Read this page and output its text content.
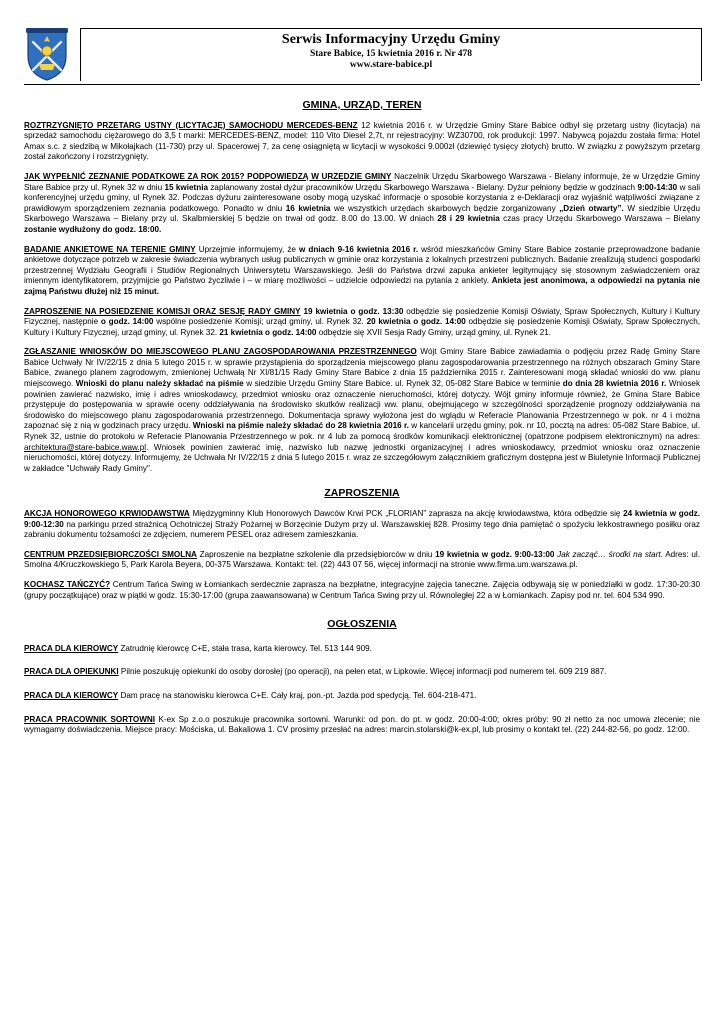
Serwis Informacyjny Urzędu Gminy
Stare Babice, 15 kwietnia 2016 r. Nr 478
www.stare-babice.pl
GMINA, URZĄD, TEREN
ROZTRZYGNIĘTO PRZETARG USTNY (LICYTACJĘ) SAMOCHODU MERCEDES-BENZ 12 kwietnia 2016 r. w Urzędzie Gminy Stare Babice odbył się przetarg ustny (licytacja) na sprzedaż samochodu ciężarowego do 3,5 t marki: MERCEDES-BENZ, model: 110 Vito Diesel 2,7t, nr rejestracyjny: WZ30700, rok produkcji: 1997. Nabywcą pojazdu została firma: Hotel Amax s.c. z siedzibą w Mikołajkach (11-730) przy ul. Spacerowej 7, za cenę osiągniętą w licytacji w wysokości 9.000zł (dziewięć tysięcy złotych) brutto. W związku z powyższym przetarg został zakończony i rozstrzygnięty.
JAK WYPEŁNIĆ ZEZNANIE PODATKOWE ZA ROK 2015? PODPOWIEDZĄ W URZĘDZIE GMINY Naczelnik Urzędu Skarbowego Warszawa - Bielany informuje, że w Urzędzie Gminy Stare Babice przy ul. Rynek 32 w dniu 15 kwietnia zaplanowany został dyżur pracowników Urzędu Skarbowego Warszawa - Bielany. Dyżur pełniony będzie w godzinach 9:00-14:30 w sali konferencyjnej urzędu gminy, ul Rynek 32. Podczas dyżuru zainteresowane osoby mogą uzyskać informacje o sposobie korzystania z e-Deklaracji oraz wyjaśnić wątpliwości związane z prawidłowym sporządzeniem zeznania podatkowego. Ponadto w dniu 16 kwietnia we wszystkich urzędach skarbowych będzie zorganizowany „Dzień otwarty”. W siedzibie Urzędu Skarbowego Warszawa – Bielany przy ul. Skalbmierskiej 5 będzie on trwał od godz. 8.00 do 13.00. W dniach 28 i 29 kwietnia czas pracy Urzędu Skarbowego Warszawa – Bielany zostanie wydłużony do godz. 18:00.
BADANIE ANKIETOWE NA TERENIE GMINY Uprzejmie informujemy, że w dniach 9-16 kwietnia 2016 r. wśród mieszkańców Gminy Stare Babice zostanie przeprowadzone badanie ankietowe dotyczące potrzeb w zakresie świadczenia wybranych usług publicznych w gminie oraz korzystania z lokalnych przestrzeni publicznych. Badanie zrealizują studenci gospodarki przestrzennej Wydziału Geografii i Studiów Regionalnych Uniwersytetu Warszawskiego. Jeśli do Państwa drzwi zapuka ankieter legitymujący się stosownym zaświadczeniem oraz imiennym identyfikatorem, przyjmijcie go Państwo życzliwie i – w miarę możliwości – udzielcie odpowiedzi na pytania z ankiety. Ankieta jest anonimowa, a odpowiedzi na pytania nie zajmą Państwu dłużej niż 15 minut.
ZAPROSZENIE NA POSIEDZENIE KOMISJI ORAZ SESJĘ RADY GMINY 19 kwietnia o godz. 13:30 odbędzie się posiedzenie Komisji Oświaty, Spraw Społecznych, Kultury i Kultury Fizycznej, następnie o godz. 14:00 wspólne posiedzenie Komisji; urząd gminy, ul. Rynek 32. 20 kwietnia o godz. 14:00 odbędzie się posiedzenie Komisji Oświaty, Spraw Społecznych, Kultury i Kultury Fizycznej, urząd gminy, ul. Rynek 32. 21 kwietnia o godz. 14:00 odbędzie się XVII Sesja Rady Gminy, urząd gminy, ul. Rynek 21.
ZGŁASZANIE WNIOSKÓW DO MIEJSCOWEGO PLANU ZAGOSPODAROWANIA PRZESTRZENNEGO Wójt Gminy Stare Babice zawiadamia o podjęciu przez Radę Gminy Stare Babice Uchwały Nr IV/22/15 z dnia 5 lutego 2015 r. w sprawie przystąpienia do sporządzenia miejscowego planu zagospodarowania przestrzennego na różnych obszarach Gminy Stare Babice, zwanego planem zagrodowym, zmienionej Uchwałą Nr XI/81/15 Rady Gminy Stare Babice z dnia 15 października 2015 r. Zainteresowani mogą składać wnioski do ww. planu miejscowego. Wnioski do planu należy składać na piśmie w siedzibie Urzędu Gminy Stare Babice. ul. Rynek 32, 05-082 Stare Babice w terminie do dnia 28 kwietnia 2016 r. Wniosek powinien zawierać nazwisko, imię i adres wnioskodawcy, przedmiot wniosku oraz oznaczenie nieruchomości, której dotyczy. Wójt gminy informuje również, że Gmina Stare Babice przystępuje do postępowania w sprawie oceny oddziaływania na środowisko skutków realizacji ww. planu, obejmującego w szczególności sporządzenie prognozy oddziaływania na środowisko do miejscowego planu zagospodarowania przestrzennego. Dokumentacja sprawy wyłożona jest do wglądu w Referacie Planowania Przestrzennego w pok. nr 4 i można zapoznać się z nią w godzinach pracy urzędu. Wnioski na piśmie należy składać do 28 kwietnia 2016 r. w kancelarii urzędu gminy, pok. nr 10, pocztą na adres: 05-082 Stare Babice, ul. Rynek 32, ustnie do protokołu w Referacie Planowania Przestrzennego w pok. nr 4 lub za pomocą środków komunikacji elektronicznej (opatrzone podpisem elektronicznym) na adres: architektura@stare-babice.waw.pl. Wniosek powinien zawierać imię, nazwisko lub nazwę jednostki organizacyjnej i adres wnioskodawcy, przedmiot wniosku oraz oznaczenie nieruchomości, której dotyczy. Informujemy, że Uchwała Nr IV/22/15 z dnia 5 lutego 2015 r. wraz ze szczegółowym załącznikiem graficznym dostępna jest w Biuletynie Informacji Publicznej w zakładce "Uchwały Rady Gminy".
ZAPROSZENIA
AKCJA HONOROWEGO KRWIODAWSTWA Międzygminny Klub Honorowych Dawców Krwi PCK „FLORIAN” zaprasza na akcję krwiodawstwa, która odbędzie się 24 kwietnia w godz. 9:00-12:30 na parkingu przed strażnicą Ochotniczej Straży Pożarnej w Borzęcinie Dużym przy ul. Warszawskiej 828. Prosimy tego dnia pamiętać o spożyciu lekkostrawnego posiłku oraz zabraniu dokumentu tożsamości ze zdjęciem, numerem PESEL oraz adresem zamieszkania.
CENTRUM PRZEDSIĘBIORCZOŚCI SMOLNA Zaproszenie na bezpłatne szkolenie dla przedsiębiorców w dniu 19 kwietnia w godz. 9:00-13:00 Jak zacząć… środki na start. Adres: ul. Smolna 4/Kruczkowskiego 5, Park Karola Beyera, 00-375 Warszawa. Kontakt: tel. (22) 443 07 56, więcej informacji na stronie www.firma.um.warszawa.pl.
KOCHASZ TAŃCZYĆ? Centrum Tańca Swing w Łomiankach serdecznie zaprasza na bezpłatne, integracyjne zajęcia taneczne. Zajęcia odbywają się w poniedziałki w godz. 17:30-20:30 (grupy początkujące) oraz w piątki w godz. 15:30-17:00 (grupa zaawansowana) w Centrum Tańca Swing przy ul. Równoległej 22 a w Łomiankach. Zapisy pod nr. tel. 604 534 990.
OGŁOSZENIA
PRACA DLA KIEROWCY Zatrudnię kierowcę C+E, stała trasa, karta kierowcy. Tel. 513 144 909.
PRACA DLA OPIEKUNKI Pilnie poszukuję opiekunki do osoby dorosłej (po operacji), na pełen etat, w Lipkowie. Więcej informacji pod numerem tel. 609 219 887.
PRACA DLA KIEROWCY Dam pracę na stanowisku kierowca C+E. Cały kraj, pon.-pt. Jazda pod spedycją. Tel. 604-218-471.
PRACA PRACOWNIK SORTOWNI K-ex Sp z.o.o poszukuje pracownika sortowni. Warunki: od pon. do pt. w godz. 20:00-4:00; okres próby: 90 zł netto za noc umowa zlecenie; nie wymagamy doświadczenia. Miejsce pracy: Mościska, ul. Bakaliowa 1. CV prosimy przesłać na adres: marcin.stolarski@k-ex.pl, lub prosimy o kontakt tel. (22) 244-82-56, po godz. 12:00.
